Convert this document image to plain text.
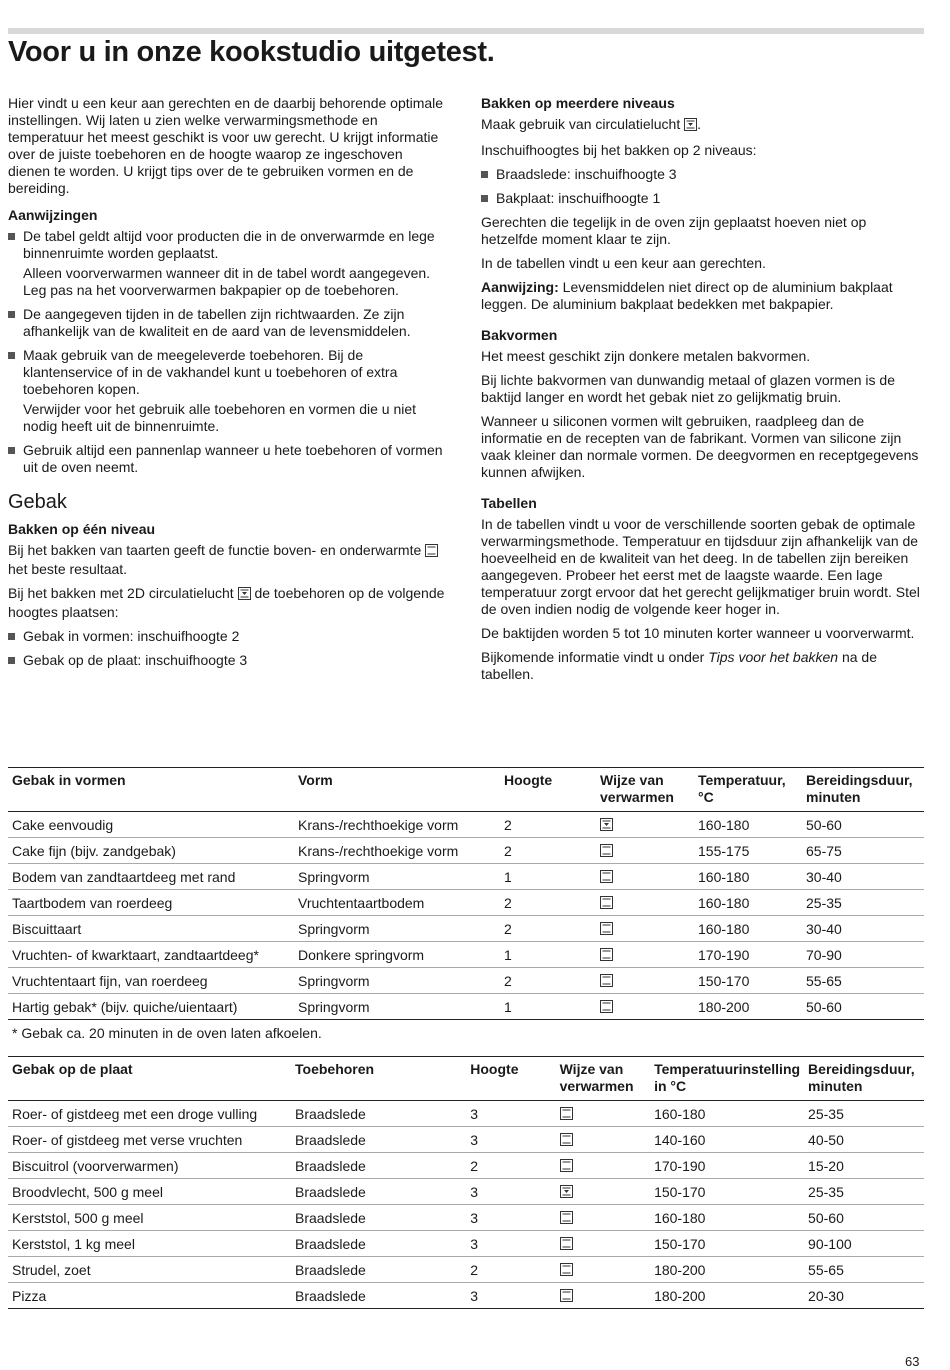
Voor u in onze kookstudio uitgetest.

Hier vindt u een keur aan gerechten en de daarbij behorende optimale instellingen. Wij laten u zien welke verwarmingsmethode en temperatuur het meest geschikt is voor uw gerecht. U krijgt informatie over de juiste toebehoren en de hoogte waarop ze ingeschoven dienen te worden. U krijgt tips over de te gebruiken vormen en de bereiding.

Aanwijzingen
De tabel geldt altijd voor producten die in de onverwarmde en lege binnenruimte worden geplaatst.

Alleen voorverwarmen wanneer dit in de tabel wordt aangegeven. Leg pas na het voorverwarmen bakpapier op de toebehoren.

De aangegeven tijden in de tabellen zijn richtwaarden. Ze zijn afhankelijk van de kwaliteit en de aard van de levensmiddelen.
Maak gebruik van de meegeleverde toebehoren. Bij de klantenservice of in de vakhandel kunt u toebehoren of extra toebehoren kopen.

Verwijder voor het gebruik alle toebehoren en vormen die u niet nodig heeft uit de binnenruimte.

Gebruik altijd een pannenlap wanneer u hete toebehoren of vormen uit de oven neemt.
Gebak
Bakken op één niveau

Bij het bakken van taarten geeft de functie boven- en onderwarmte het beste resultaat.

Bij het bakken met 2D circulatielucht  de toebehoren op de volgende hoogtes plaatsen:

Gebak in vormen: inschuifhoogte 2
Gebak op de plaat: inschuifhoogte 3
Bakken op meerdere niveaus

Maak gebruik van circulatielucht .

Inschuifhoogtes bij het bakken op 2 niveaus:

Braadslede: inschuifhoogte 3
Bakplaat: inschuifhoogte 1

Gerechten die tegelijk in de oven zijn geplaatst hoeven niet op hetzelfde moment klaar te zijn.

In de tabellen vindt u een keur aan gerechten.

Aanwijzing: Levensmiddelen niet direct op de aluminium bakplaat leggen. De aluminium bakplaat bedekken met bakpapier.

Bakvormen

Het meest geschikt zijn donkere metalen bakvormen.

Bij lichte bakvormen van dunwandig metaal of glazen vormen is de baktijd langer en wordt het gebak niet zo gelijkmatig bruin.

Wanneer u siliconen vormen wilt gebruiken, raadpleeg dan de informatie en de recepten van de fabrikant. Vormen van silicone zijn vaak kleiner dan normale vormen. De deegvormen en receptgegevens kunnen afwijken.

Tabellen

In de tabellen vindt u voor de verschillende soorten gebak de optimale verwarmingsmethode. Temperatuur en tijdsduur zijn afhankelijk van de hoeveelheid en de kwaliteit van het deeg. In de tabellen zijn bereiken aangegeven. Probeer het eerst met de laagste waarde. Een lage temperatuur zorgt ervoor dat het gerecht gelijkmatiger bruin wordt. Stel de oven indien nodig de volgende keer hoger in.

De baktijden worden 5 tot 10 minuten korter wanneer u voorverwarmt.

Bijkomende informatie vindt u onder Tips voor het bakken na de tabellen.

Gebak in vormen	Vorm	Hoogte	Wijze van verwarmen	Temperatuur, °C	Bereidingsduur, minuten
Cake eenvoudig	Krans-/rechthoekige vorm	2		160-180	50-60
Cake fijn (bijv. zandgebak)	Krans-/rechthoekige vorm	2		155-175	65-75
Bodem van zandtaartdeeg met rand	Springvorm	1		160-180	30-40
Taartbodem van roerdeeg	Vruchtentaartbodem	2		160-180	25-35
Biscuittaart	Springvorm	2		160-180	30-40
Vruchten- of kwarktaart, zandtaartdeeg*	Donkere springvorm	1		170-190	70-90
Vruchtentaart fijn, van roerdeeg	Springvorm	2		150-170	55-65
Hartig gebak* (bijv. quiche/uientaart)	Springvorm	1		180-200	50-60
* Gebak ca. 20 minuten in de oven laten afkoelen.
Gebak op de plaat	Toebehoren	Hoogte	Wijze van verwarmen	Temperatuurinstelling in °C	Bereidingsduur, minuten
Roer- of gistdeeg met een droge vulling	Braadslede	3		160-180	25-35
Roer- of gistdeeg met verse vruchten	Braadslede	3		140-160	40-50
Biscuitrol (voorverwarmen)	Braadslede	2		170-190	15-20
Broodvlecht, 500 g meel	Braadslede	3		150-170	25-35
Kerststol, 500 g meel	Braadslede	3		160-180	50-60
Kerststol, 1 kg meel	Braadslede	3		150-170	90-100
Strudel, zoet	Braadslede	2		180-200	55-65
Pizza	Braadslede	3		180-200	20-30
63
